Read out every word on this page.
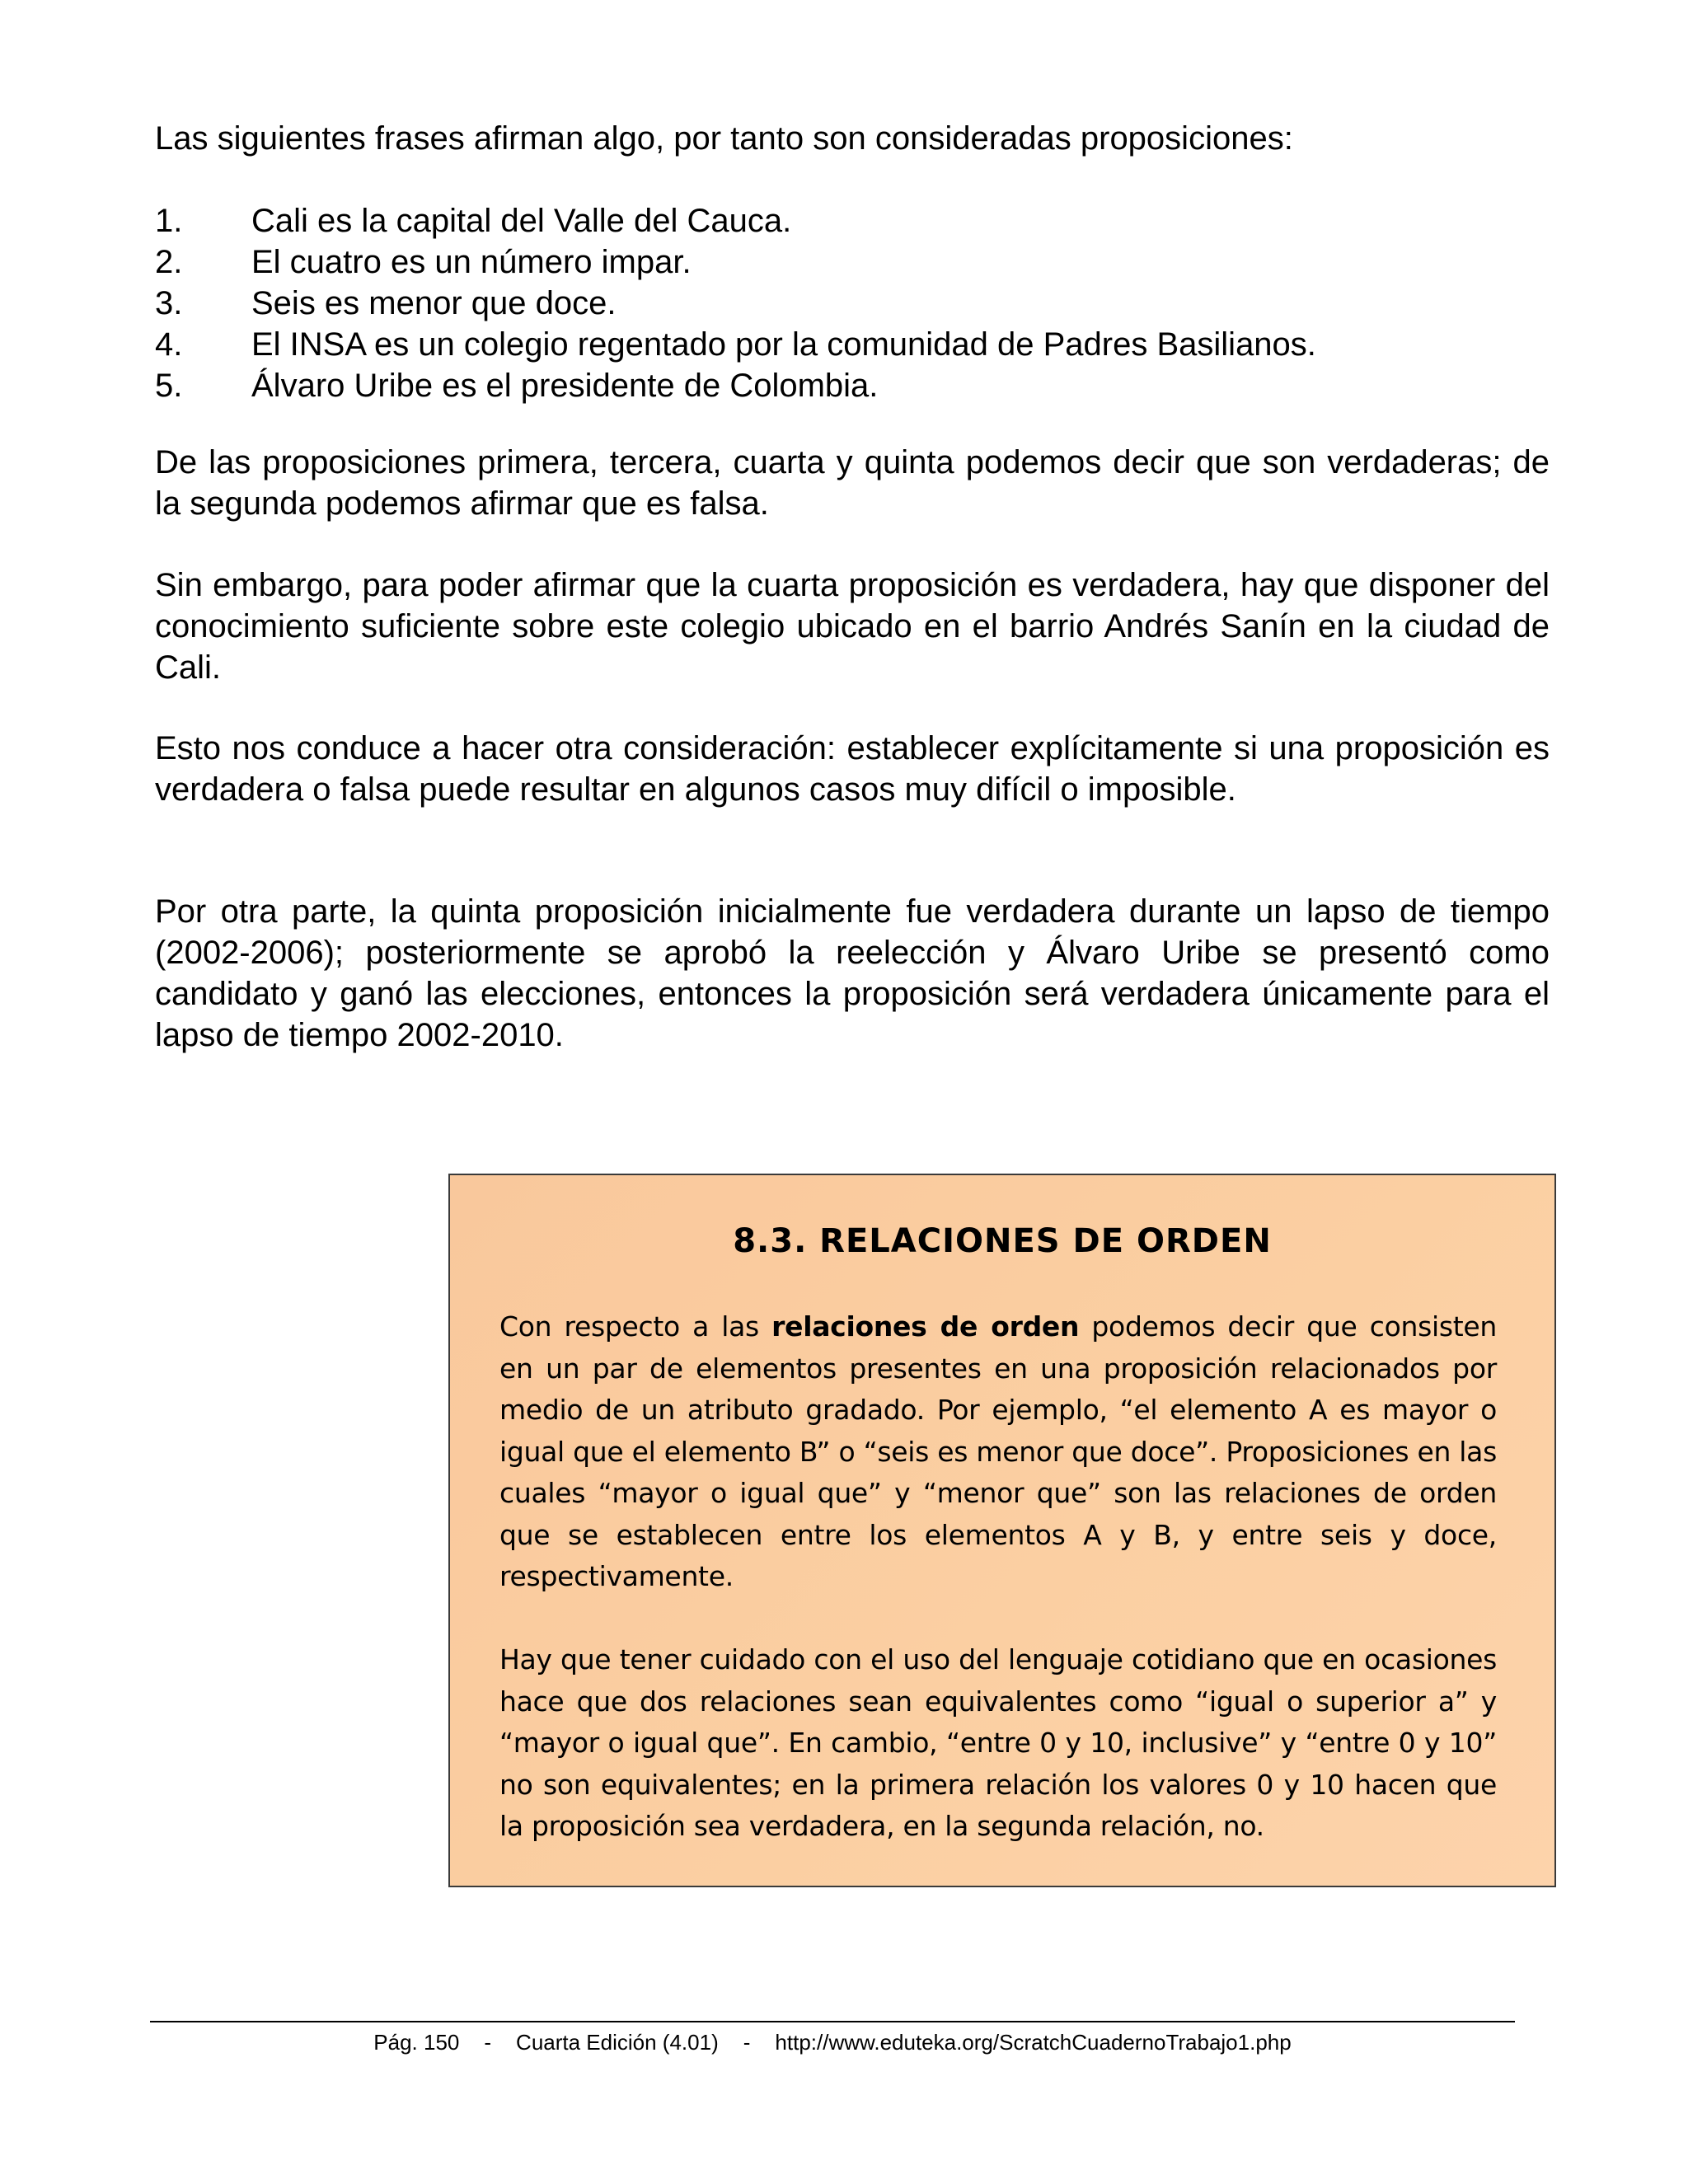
Las siguientes frases afirman algo, por tanto son consideradas proposiciones:
1.	Cali es la capital del Valle del Cauca.
2.	El cuatro es un número impar.
3.	Seis es menor que doce.
4.	El INSA es un colegio regentado por la comunidad de Padres Basilianos.
5.	Álvaro Uribe es el presidente de Colombia.

De las proposiciones primera, tercera, cuarta y quinta podemos decir que son verdaderas; de la segunda podemos afirmar que es falsa.

Sin embargo, para poder afirmar que la cuarta proposición es verdadera, hay que disponer del conocimiento suficiente sobre este colegio ubicado en el barrio Andrés Sanín en la ciudad de Cali.

Esto nos conduce a hacer otra consideración: establecer explícitamente si una proposición es verdadera o falsa puede resultar en algunos casos muy difícil o imposible.

Por otra parte, la quinta proposición inicialmente fue verdadera durante un lapso de tiempo (2002-2006); posteriormente se aprobó la reelección y Álvaro Uribe se presentó como candidato y ganó las elecciones, entonces la proposición será verdadera únicamente para el lapso de tiempo 2002-2010.

8.3. RELACIONES DE ORDEN

Con respecto a las relaciones de orden podemos decir que consisten en un par de elementos presentes en una proposición relacionados por medio de un atributo gradado. Por ejemplo, “el elemento A es mayor o igual que el elemento B” o “seis es menor que doce”. Proposiciones en las cuales “mayor o igual que” y “menor que” son las relaciones de orden que se establecen entre los elementos A y B, y entre seis y doce, respectivamente.

Hay que tener cuidado con el uso del lenguaje cotidiano que en ocasiones hace que dos relaciones sean equivalentes como “igual o superior a” y “mayor o igual que”. En cambio, “entre 0 y 10, inclusive” y “entre 0 y 10” no son equivalentes; en la primera relación los valores 0 y 10 hacen que la proposición sea verdadera, en la segunda relación, no.

Pág. 150 - Cuarta Edición (4.01) - http://www.eduteka.org/ScratchCuadernoTrabajo1.php
